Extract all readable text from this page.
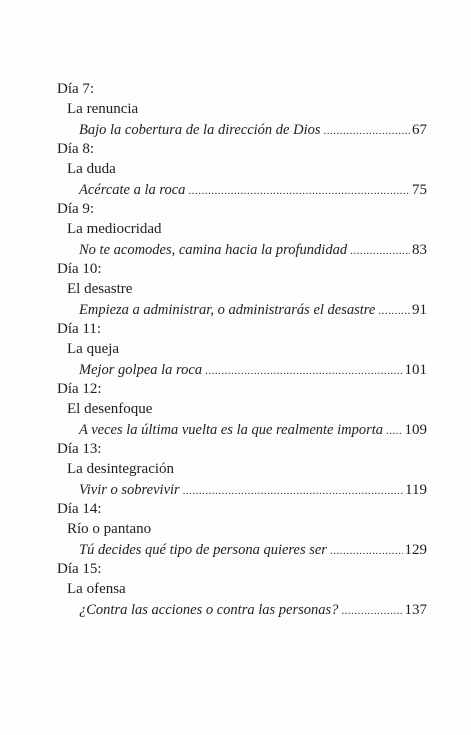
Día 7:
La renuncia
Bajo la cobertura de la dirección de Dios .....	67
Día 8:
La duda
Acércate a la roca .....	75
Día 9:
La mediocridad
No te acomodes, camina hacia la profundidad .....	83
Día 10:
El desastre
Empieza a administrar, o administrarás el desastre ..... 91
Día 11:
La queja
Mejor golpea la roca .....	101
Día 12:
El desenfoque
A veces la última vuelta es la que realmente importa ..... 109
Día 13:
La desintegración
Vivir o sobrevivir .....	119
Día 14:
Río o pantano
Tú decides qué tipo de persona quieres ser .....	129
Día 15:
La ofensa
¿Contra las acciones o contra las personas? .....	137
